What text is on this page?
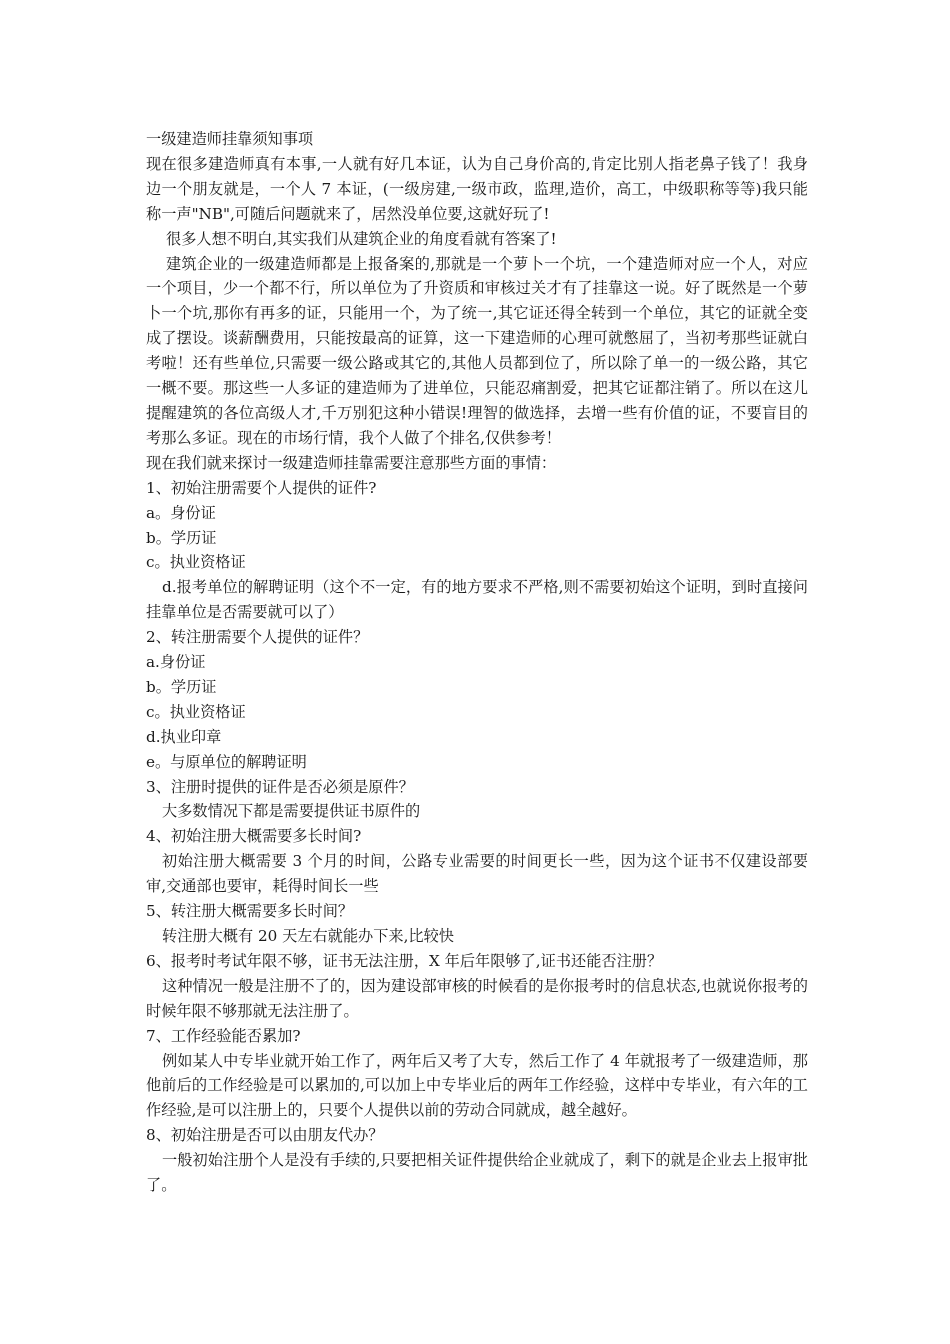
一级建造师挂靠须知事项

现在很多建造师真有本事,一人就有好几本证，认为自己身价高的,肯定比别人指老鼻子钱了！我身边一个朋友就是，一个人 7 本证，(一级房建,一级市政，监理,造价，高工，中级职称等等)我只能称一声"NB",可随后问题就来了，居然没单位要,这就好玩了!

很多人想不明白,其实我们从建筑企业的角度看就有答案了!

建筑企业的一级建造师都是上报备案的,那就是一个萝卜一个坑，一个建造师对应一个人，对应一个项目，少一个都不行，所以单位为了升资质和审核过关才有了挂靠这一说。好了既然是一个萝卜一个坑,那你有再多的证，只能用一个，为了统一,其它证还得全转到一个单位，其它的证就全变成了摆设。谈薪酬费用，只能按最高的证算，这一下建造师的心理可就憋屈了，当初考那些证就白考啦！还有些单位,只需要一级公路或其它的,其他人员都到位了，所以除了单一的一级公路，其它一概不要。那这些一人多证的建造师为了进单位，只能忍痛割爱，把其它证都注销了。所以在这儿提醒建筑的各位高级人才,千万别犯这种小错误!理智的做选择，去增一些有价值的证，不要盲目的考那么多证。现在的市场行情，我个人做了个排名,仅供参考！

现在我们就来探讨一级建造师挂靠需要注意那些方面的事情：

1、初始注册需要个人提供的证件?

a。身份证

b。学历证

c。执业资格证

d.报考单位的解聘证明（这个不一定，有的地方要求不严格,则不需要初始这个证明，到时直接问挂靠单位是否需要就可以了）

2、转注册需要个人提供的证件？

a.身份证

b。学历证

c。执业资格证

d.执业印章

e。与原单位的解聘证明

3、注册时提供的证件是否必须是原件？

大多数情况下都是需要提供证书原件的

4、初始注册大概需要多长时间?

初始注册大概需要 3 个月的时间，公路专业需要的时间更长一些，因为这个证书不仅建设部要审,交通部也要审，耗得时间长一些

5、转注册大概需要多长时间？

转注册大概有 20 天左右就能办下来,比较快

6、报考时考试年限不够，证书无法注册，X 年后年限够了,证书还能否注册？

这种情况一般是注册不了的，因为建设部审核的时候看的是你报考时的信息状态,也就说你报考的时候年限不够那就无法注册了。

7、工作经验能否累加?

例如某人中专毕业就开始工作了，两年后又考了大专，然后工作了 4 年就报考了一级建造师，那他前后的工作经验是可以累加的,可以加上中专毕业后的两年工作经验，这样中专毕业，有六年的工作经验,是可以注册上的，只要个人提供以前的劳动合同就成，越全越好。

8、初始注册是否可以由朋友代办？

一般初始注册个人是没有手续的,只要把相关证件提供给企业就成了，剩下的就是企业去上报审批了。
